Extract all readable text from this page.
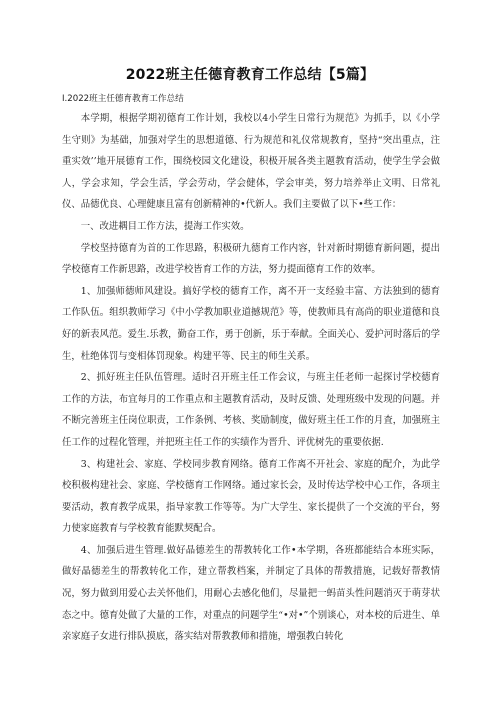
2022班主任德育教育工作总结【5篇】
I.2022班主任德育教育工作总结

本学期，根据学期初德育工作计划，我校以4小学生日常行为规范》为抓手，以《小学生守则》为基础，加强对学生的思想道德、行为规范和礼仪常规教育，坚持“突出重点，注重实效’’地开展德育工作，围绕校园文化建设，积极开展各类主题教育活动，使学生学会做人，学会求知，学会生活，学会劳动，学会健体，学会审美，努力培养举止文明、日常礼仪、品德优良、心理健康且富有创新精神的•代新人。我们主要做了以下•些工作：

一、改进耦目工作方法，提海工作实效。

学校坚持德育为首的工作思路，积极研九德育工作内容，针对新时期德育新问题，提出学校德育工作新思路，改进学校皆育工作的方法，努力提面德育工作的效率。

1、加强师德师风建设。搞好学校的德育工作，离不开一支经验丰富、方法独到的德育工作队伍。组织教师学习《中小学教加职业道撼规范》等，使教师具有高尚的职业道德和良好的新表风范。爱生.乐教，勤奋工作，勇于创新，乐于奉献。全面关心、爱护河时落后的学生，杜绝体罚与变相体罚现象。构建平等、民主的师生关系。

2、抓好班主任队伍管理。适时召开班主任工作会议，与班主任老师一起探讨学校德育工作的方法，布宜每月的工作重点和主题教育活动，及时反馈、处理班级中发现的问题。并不断完善班主任岗位职责，工作条例、考核、奖励制度，做好班主任工作的月査，加强班主任工作的过程化管理，并把班主任工作的实绩作为晋升、评优树先的重要依据.

3、构建社会、家庭、学校同步教育网络。德育工作离不开社会、家庭的配介，为此学校积极构建社会、家庭、学校德育工作网络。通过家长会，及时传达学校中心工作，各项主要活动，教育教学成果，指导家教工作等等。为广大学生、家长提供了一个交流的平台，努力使家庭教育与学校教育能默契配合。

4、加强后进生管理.做好晶德差生的帮教转化工作•本学期，各班都能结合本班实际，做好晶德差生的帮教转化工作，建立帮教档案，并制定了具体的帮教措施，记载好帮教情况，努力做到用爱心去关怀他们，用耐心去感化他们，尽量把一蚂苗头性问题消灭于萌芽状态之中。德育处做了大量的工作，对重点的问题学生“•对•”个别谈心，对本校的后进生、单亲家庭子女进行排队摸底，落实结对帮教教师和措施，增强教白转化
